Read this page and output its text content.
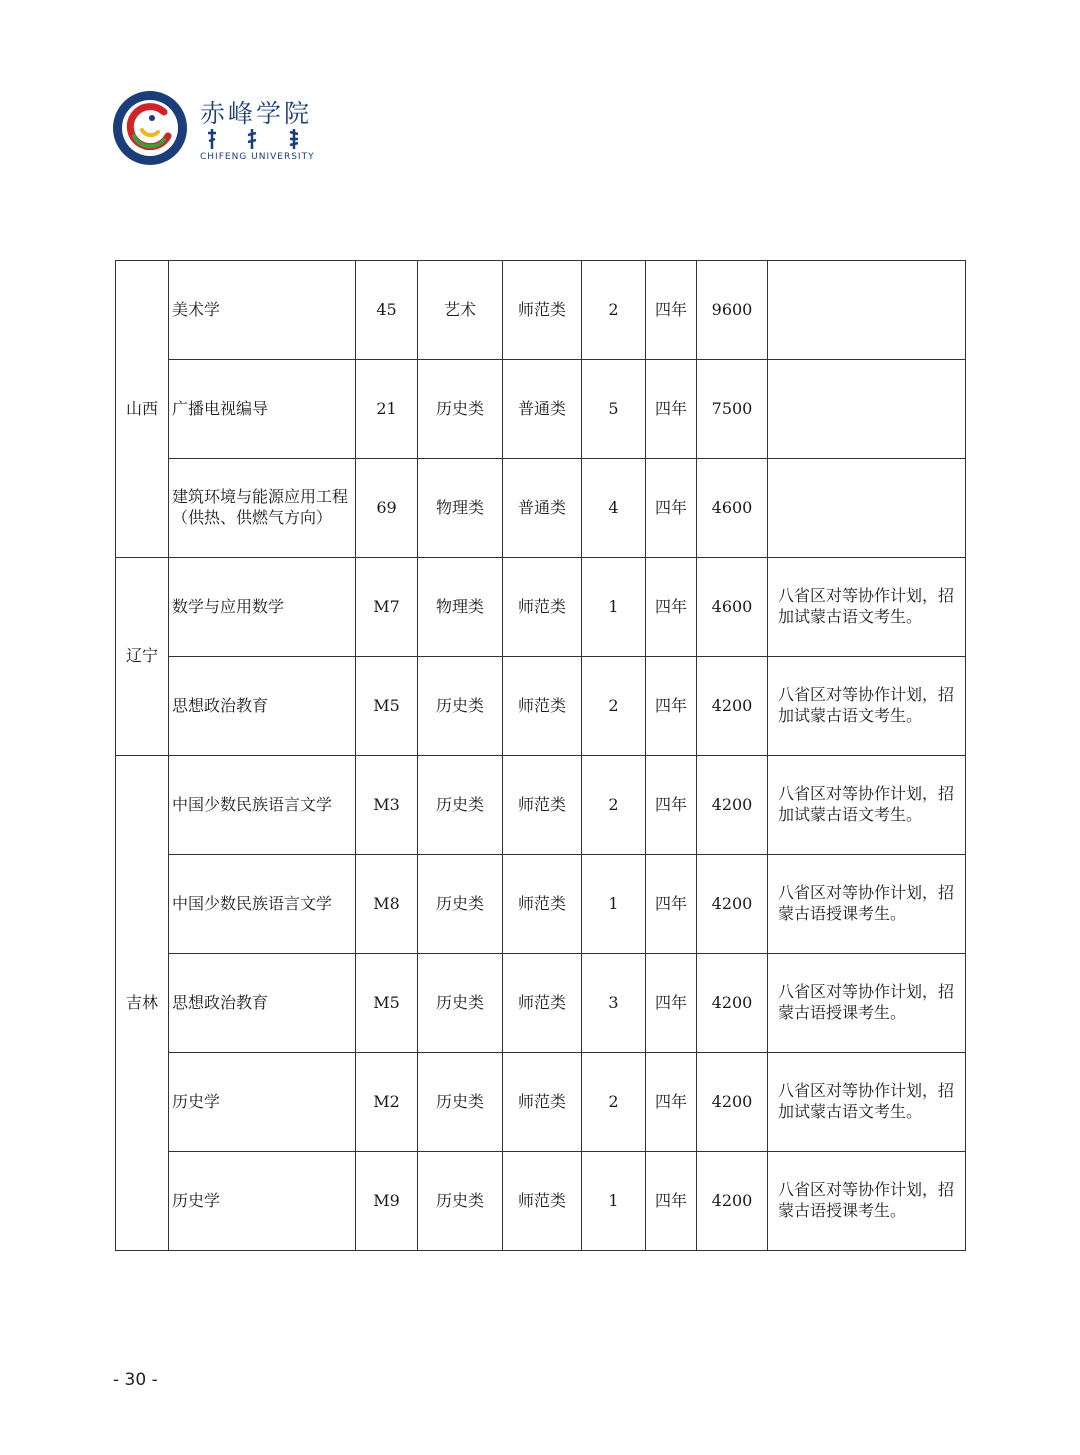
赤峰学院
CHIFENG UNIVERSITY
山西	美术学	45	艺术	师范类	2	四年	9600	
	广播电视编导	21	历史类	普通类	5	四年	7500	
	建筑环境与能源应用工程（供热、供燃气方向）	69	物理类	普通类	4	四年	4600	
辽宁	数学与应用数学	M7	物理类	师范类	1	四年	4600	八省区对等协作计划，招加试蒙古语文考生。
	思想政治教育	M5	历史类	师范类	2	四年	4200	八省区对等协作计划，招加试蒙古语文考生。
吉林	中国少数民族语言文学	M3	历史类	师范类	2	四年	4200	八省区对等协作计划，招加试蒙古语文考生。
	中国少数民族语言文学	M8	历史类	师范类	1	四年	4200	八省区对等协作计划，招蒙古语授课考生。
	思想政治教育	M5	历史类	师范类	3	四年	4200	八省区对等协作计划，招蒙古语授课考生。
	历史学	M2	历史类	师范类	2	四年	4200	八省区对等协作计划，招加试蒙古语文考生。
	历史学	M9	历史类	师范类	1	四年	4200	八省区对等协作计划，招蒙古语授课考生。
- 30 -
